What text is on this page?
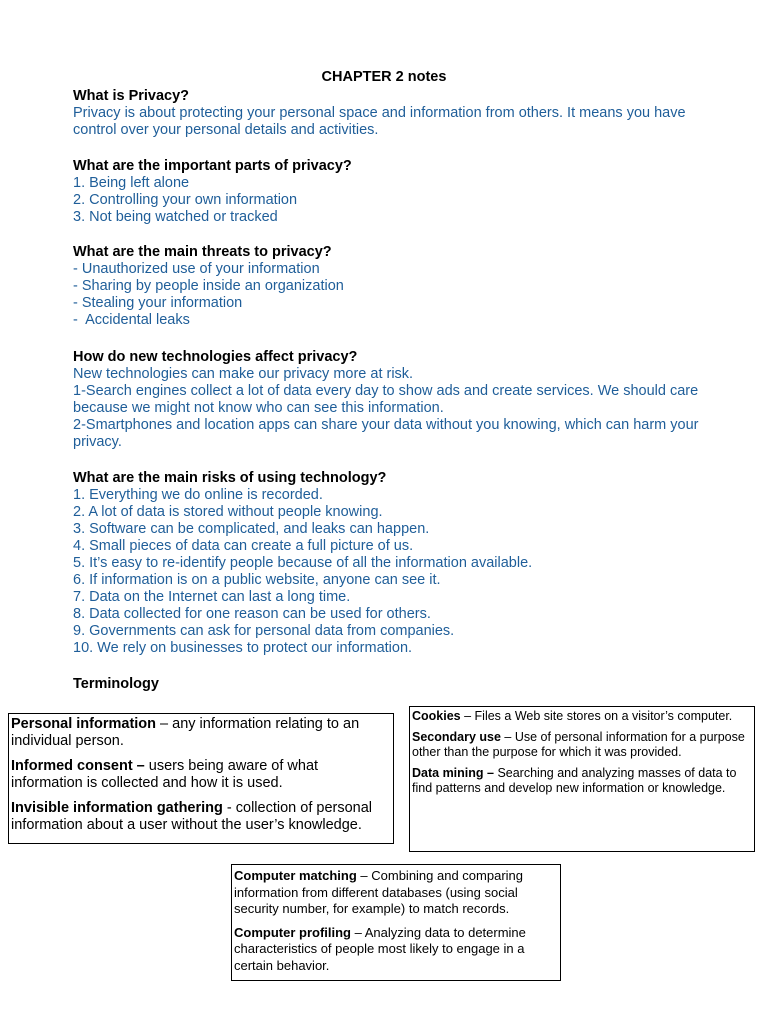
CHAPTER 2 notes
What is Privacy?
Privacy is about protecting your personal space and information from others. It means you have control over your personal details and activities.
What are the important parts of privacy?
1. Being left alone
2. Controlling your own information
3. Not being watched or tracked
What are the main threats to privacy?
- Unauthorized use of your information
- Sharing by people inside an organization
- Stealing your information
-  Accidental leaks
How do new technologies affect privacy?
New technologies can make our privacy more at risk.
1-Search engines collect a lot of data every day to show ads and create services. We should care because we might not know who can see this information.
2-Smartphones and location apps can share your data without you knowing, which can harm your privacy.
What are the main risks of using technology?
1. Everything we do online is recorded.
2. A lot of data is stored without people knowing.
3. Software can be complicated, and leaks can happen.
4. Small pieces of data can create a full picture of us.
5. It’s easy to re-identify people because of all the information available.
6. If information is on a public website, anyone can see it.
7. Data on the Internet can last a long time.
8. Data collected for one reason can be used for others.
9. Governments can ask for personal data from companies.
10. We rely on businesses to protect our information.
Terminology

Personal information – any information relating to an individual person.

Informed consent – users being aware of what information is collected and how it is used.

Invisible information gathering - collection of personal information about a user without the user’s knowledge.

Cookies – Files a Web site stores on a visitor’s computer.

Secondary use – Use of personal information for a purpose other than the purpose for which it was provided.

Data mining – Searching and analyzing masses of data to find patterns and develop new information or knowledge.

Computer matching – Combining and comparing information from different databases (using social security number, for example) to match records.

Computer profiling – Analyzing data to determine characteristics of people most likely to engage in a certain behavior.
